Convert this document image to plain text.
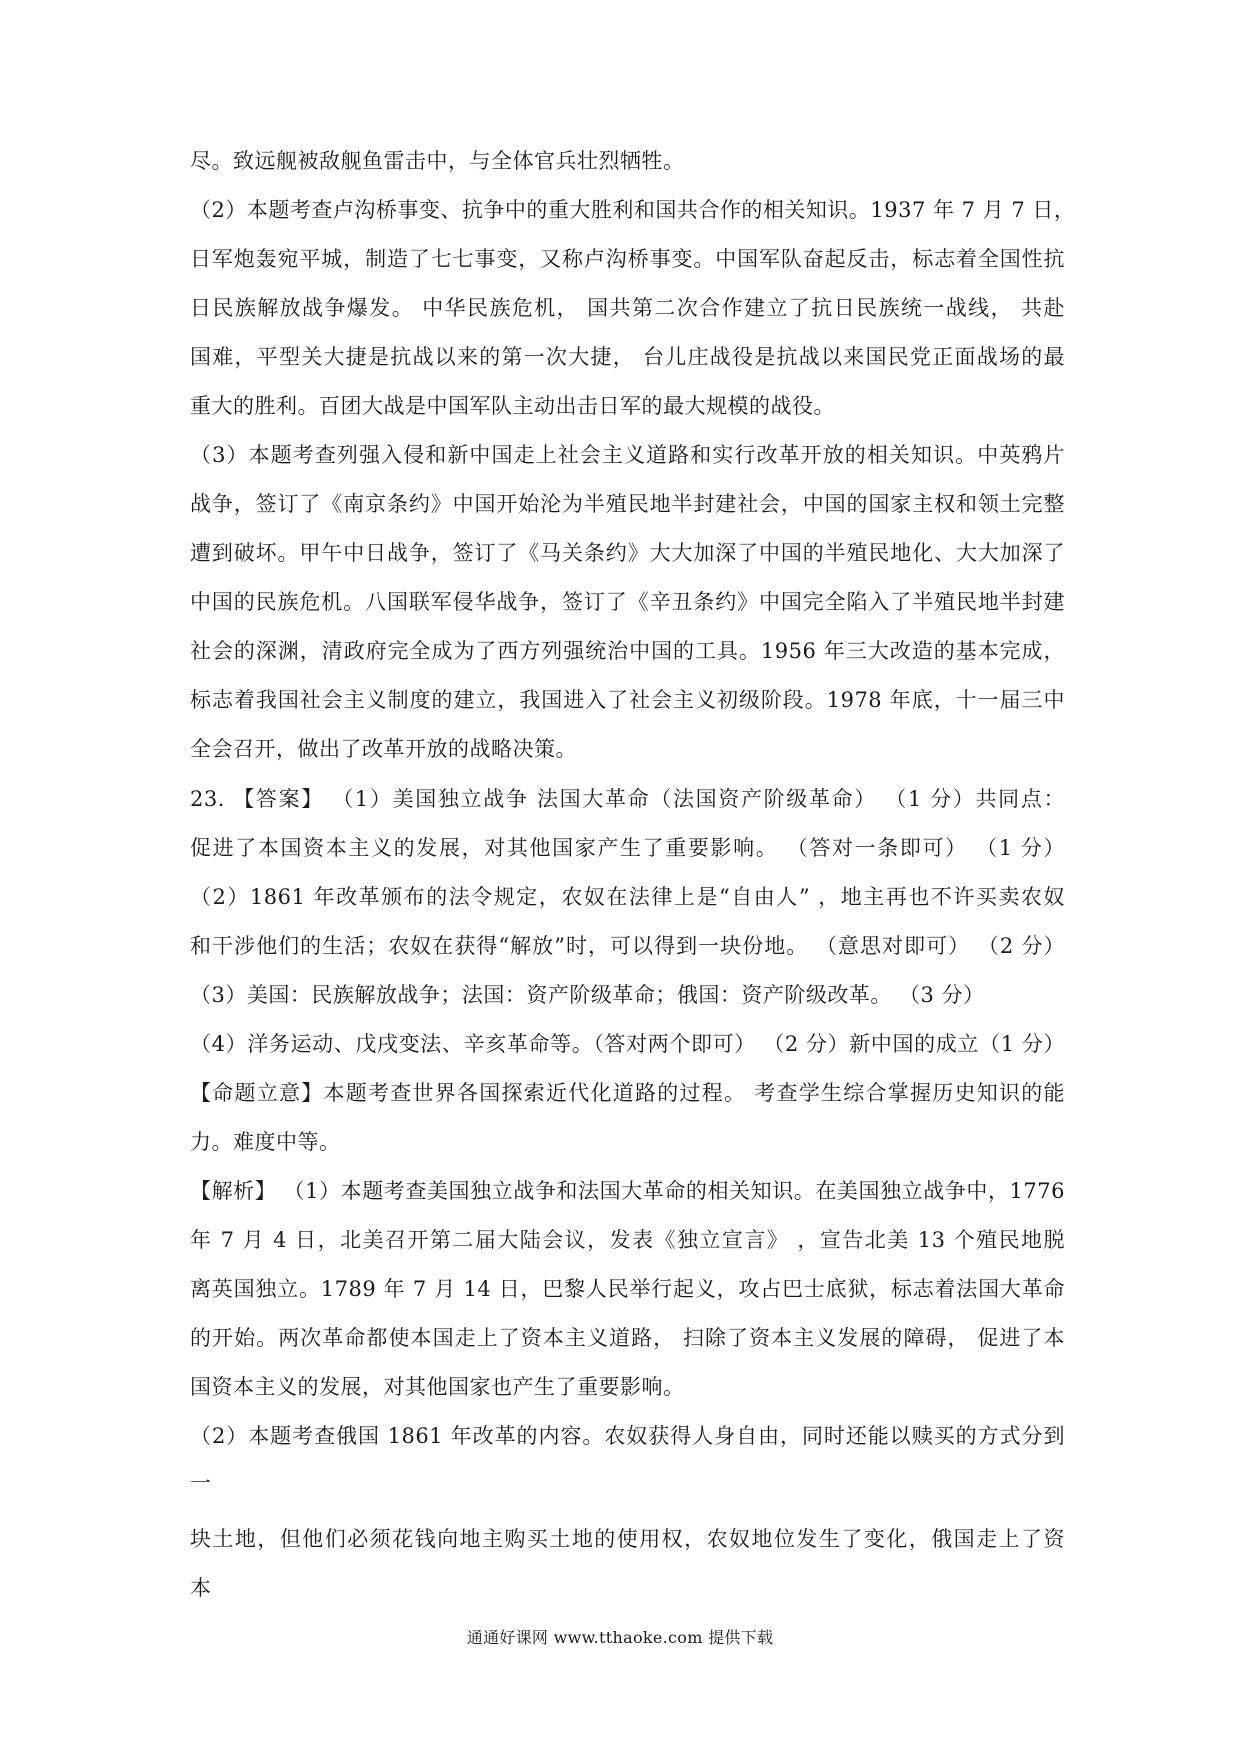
尽。致远舰被敌舰鱼雷击中，与全体官兵壮烈牺牲。
（2）本题考查卢沟桥事变、抗争中的重大胜利和国共合作的相关知识。1937 年 7 月 7 日，
日军炮轰宛平城，制造了七七事变，又称卢沟桥事变。中国军队奋起反击，标志着全国性抗
日民族解放战争爆发。 中华民族危机， 国共第二次合作建立了抗日民族统一战线， 共赴
国难，平型关大捷是抗战以来的第一次大捷， 台儿庄战役是抗战以来国民党正面战场的最
重大的胜利。百团大战是中国军队主动出击日军的最大规模的战役。
（3）本题考查列强入侵和新中国走上社会主义道路和实行改革开放的相关知识。中英鸦片
战争，签订了《南京条约》中国开始沦为半殖民地半封建社会，中国的国家主权和领土完整
遭到破坏。甲午中日战争，签订了《马关条约》大大加深了中国的半殖民地化、大大加深了
中国的民族危机。八国联军侵华战争，签订了《辛丑条约》中国完全陷入了半殖民地半封建
社会的深渊，清政府完全成为了西方列强统治中国的工具。1956 年三大改造的基本完成，
标志着我国社会主义制度的建立，我国进入了社会主义初级阶段。1978 年底，十一届三中
全会召开，做出了改革开放的战略决策。
23. 【答案】 （1）美国独立战争 法国大革命（法国资产阶级革命） （1 分）共同点：
促进了本国资本主义的发展，对其他国家产生了重要影响。 （答对一条即可） （1 分）
（2）1861 年改革颁布的法令规定，农奴在法律上是“自由人” ，地主再也不许买卖农奴
和干涉他们的生活；农奴在获得“解放”时，可以得到一块份地。 （意思对即可） （2 分）
（3）美国：民族解放战争；法国：资产阶级革命；俄国：资产阶级改革。 （3 分）
（4）洋务运动、戊戌变法、辛亥革命等。（答对两个即可） （2 分）新中国的成立（1 分）
【命题立意】本题考查世界各国探索近代化道路的过程。 考查学生综合掌握历史知识的能
力。难度中等。
【解析】 （1）本题考查美国独立战争和法国大革命的相关知识。在美国独立战争中，1776
年 7 月 4 日，北美召开第二届大陆会议，发表《独立宣言》 ，宣告北美 13 个殖民地脱
离英国独立。1789 年 7 月 14 日，巴黎人民举行起义，攻占巴士底狱，标志着法国大革命
的开始。两次革命都使本国走上了资本主义道路， 扫除了资本主义发展的障碍， 促进了本
国资本主义的发展，对其他国家也产生了重要影响。
（2）本题考查俄国 1861 年改革的内容。农奴获得人身自由，同时还能以赎买的方式分到
一
块土地，但他们必须花钱向地主购买土地的使用权，农奴地位发生了变化，俄国走上了资
本
通通好课网 www.tthaoke.com 提供下载
